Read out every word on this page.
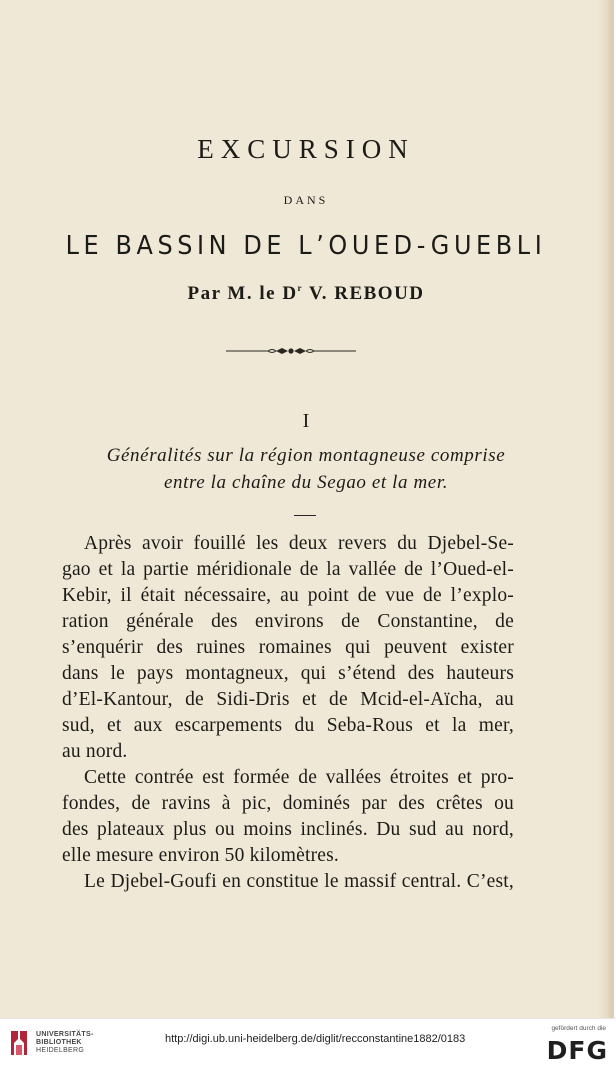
EXCURSION
DANS
LE BASSIN DE L’OUED-GUEBLI
Par M. le $D^r$ V. REBOUD
I
Généralités sur la région montagneuse comprise
entre la chaîne du Segao et la mer.
Après avoir fouillé les deux revers du Djebel-Se-
gao et la partie méridionale de la vallée de l’Oued-el-
Kebir, il était nécessaire, au point de vue de l’explo-
ration générale des environs de Constantine, de
s’enquérir des ruines romaines qui peuvent exister
dans le pays montagneux, qui s’étend des hauteurs
d’El-Kantour, de Sidi-Dris et de Mcid-el-Aïcha, au
sud, et aux escarpements du Seba-Rous et la mer,
au nord.
Cette contrée est formée de vallées étroites et pro-
fondes, de ravins à pic, dominés par des crêtes ou
des plateaux plus ou moins inclinés. Du sud au nord,
elle mesure environ 50 kilomètres.
Le Djebel-Goufi en constitue le massif central. C’est,
UNIVERSITÄTS-
BIBLIOTHEK
HEIDELBERG
http://digi.ub.uni-heidelberg.de/diglit/recconstantine1882/0183
gefördert durch die
DFG
